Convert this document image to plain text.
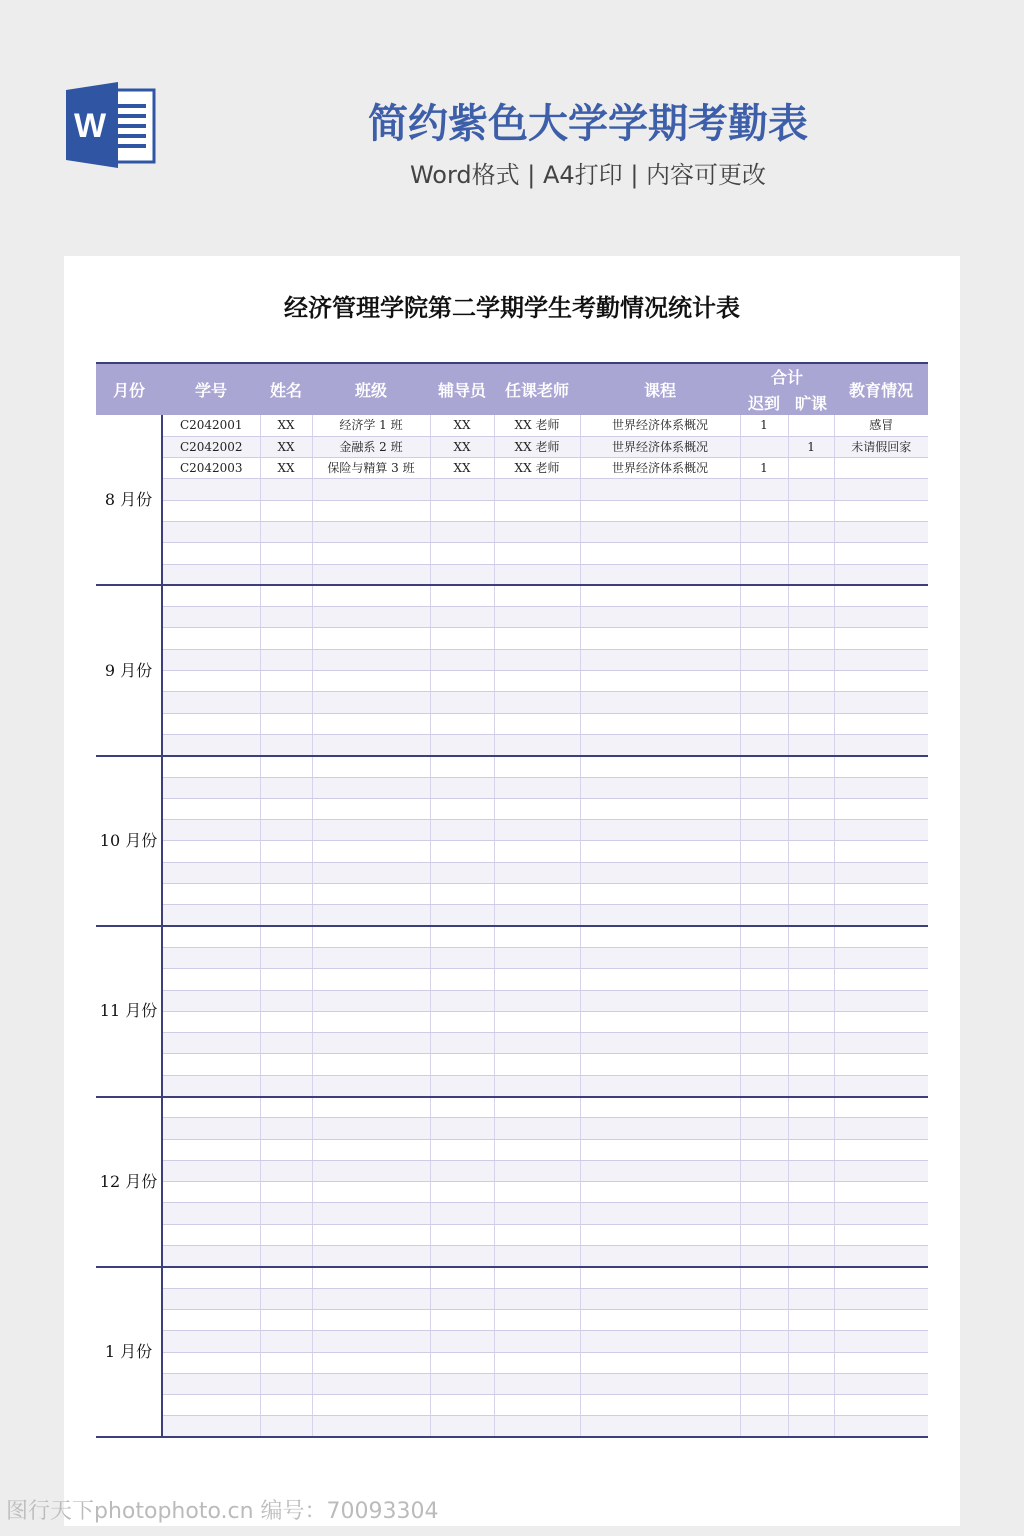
W	简约紫色大学学期考勤表
Word格式 | A4打印 | 内容可更改
经济管理学院第二学期学生考勤情况统计表
月份	学号	姓名	班级	辅导员	任课老师	课程	合计		教育情况
							迟到	旷课	
8 月份	C2042001	XX	经济学 1 班	XX	XX 老师	世界经济体系概况	1		感冒
	C2042002	XX	金融系 2 班	XX	XX 老师	世界经济体系概况		1	未请假回家
	C2042003	XX	保险与精算 3 班	XX	XX 老师	世界经济体系概况	1		

9 月份									

10 月份									

11 月份									

12 月份									

1 月份									

图行天下photophoto.cn 编号：70093304
